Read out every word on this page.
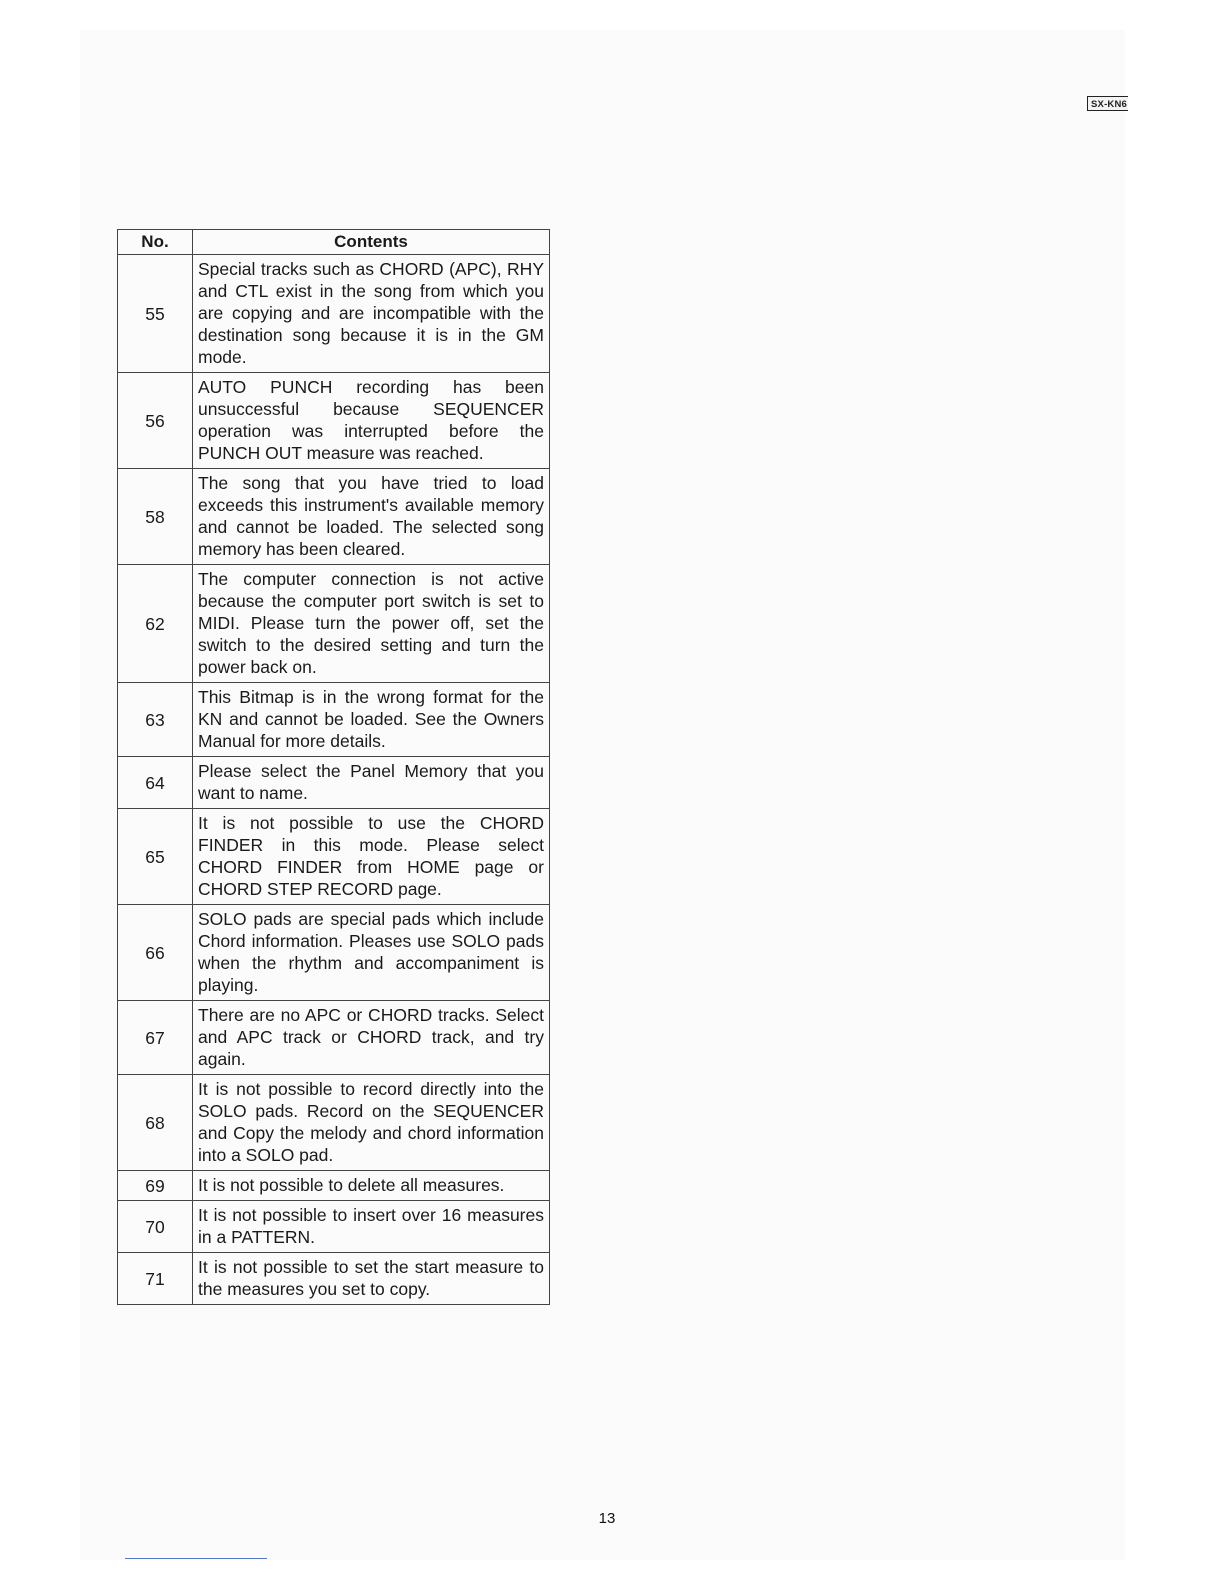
SX-KN6
No.	Contents
55	Special tracks such as CHORD (APC), RHY and CTL exist in the song from which you are copying and are incompatible with the destination song because it is in the GM mode.
56	AUTO PUNCH recording has been unsuccessful because SEQUENCER operation was interrupted before the PUNCH OUT measure was reached.
58	The song that you have tried to load exceeds this instrument's available memory and cannot be loaded. The selected song memory has been cleared.
62	The computer connection is not active because the computer port switch is set to MIDI. Please turn the power off, set the switch to the desired setting and turn the power back on.
63	This Bitmap is in the wrong format for the KN and cannot be loaded. See the Owners Manual for more details.
64	Please select the Panel Memory that you want to name.
65	It is not possible to use the CHORD FINDER in this mode. Please select CHORD FINDER from HOME page or CHORD STEP RECORD page.
66	SOLO pads are special pads which include Chord information. Pleases use SOLO pads when the rhythm and accompaniment is playing.
67	There are no APC or CHORD tracks. Select and APC track or CHORD track, and try again.
68	It is not possible to record directly into the SOLO pads. Record on the SEQUENCER and Copy the melody and chord information into a SOLO pad.
69	It is not possible to delete all measures.
70	It is not possible to insert over 16 measures in a PATTERN.
71	It is not possible to set the start measure to the measures you set to copy.
13
